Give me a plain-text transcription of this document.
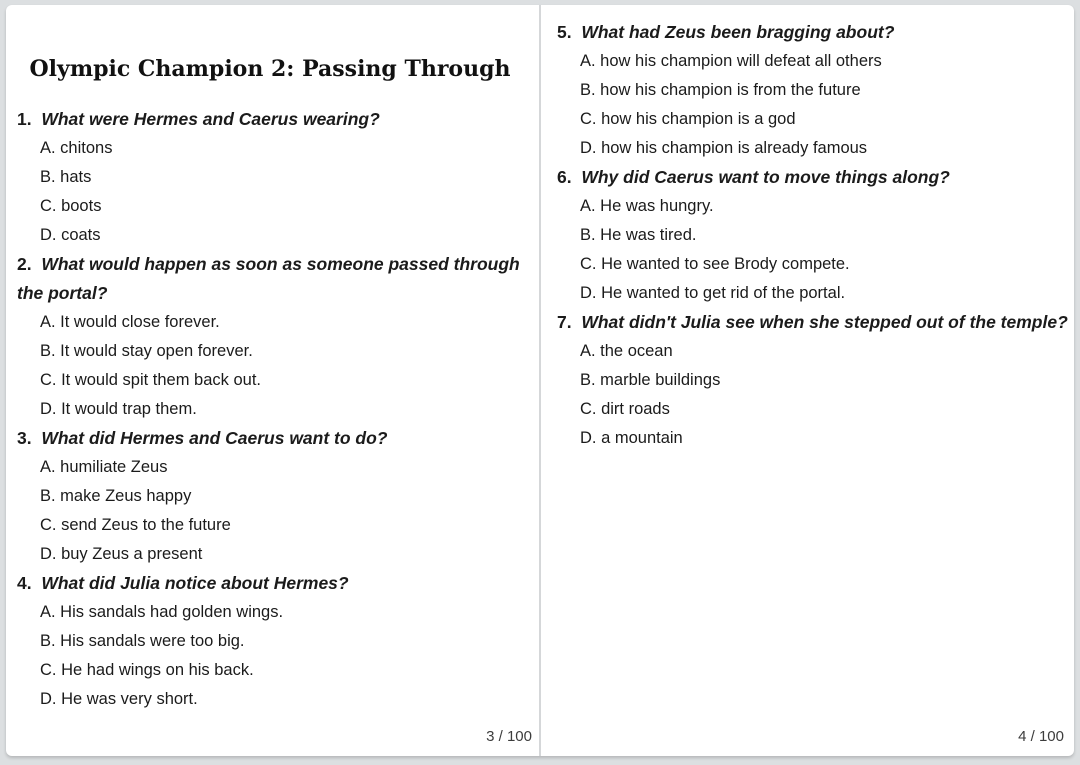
Olympic Champion 2: Passing Through
1.  What were Hermes and Caerus wearing?
A. chitons
B. hats
C. boots
D. coats
2.  What would happen as soon as someone passed through the portal?
A. It would close forever.
B. It would stay open forever.
C. It would spit them back out.
D. It would trap them.
3.  What did Hermes and Caerus want to do?
A. humiliate Zeus
B. make Zeus happy
C. send Zeus to the future
D. buy Zeus a present
4.  What did Julia notice about Hermes?
A. His sandals had golden wings.
B. His sandals were too big.
C. He had wings on his back.
D. He was very short.
3 / 100
5.  What had Zeus been bragging about?
A. how his champion will defeat all others
B. how his champion is from the future
C. how his champion is a god
D. how his champion is already famous
6.  Why did Caerus want to move things along?
A. He was hungry.
B. He was tired.
C. He wanted to see Brody compete.
D. He wanted to get rid of the portal.
7.  What didn't Julia see when she stepped out of the temple?
A. the ocean
B. marble buildings
C. dirt roads
D. a mountain
4 / 100
